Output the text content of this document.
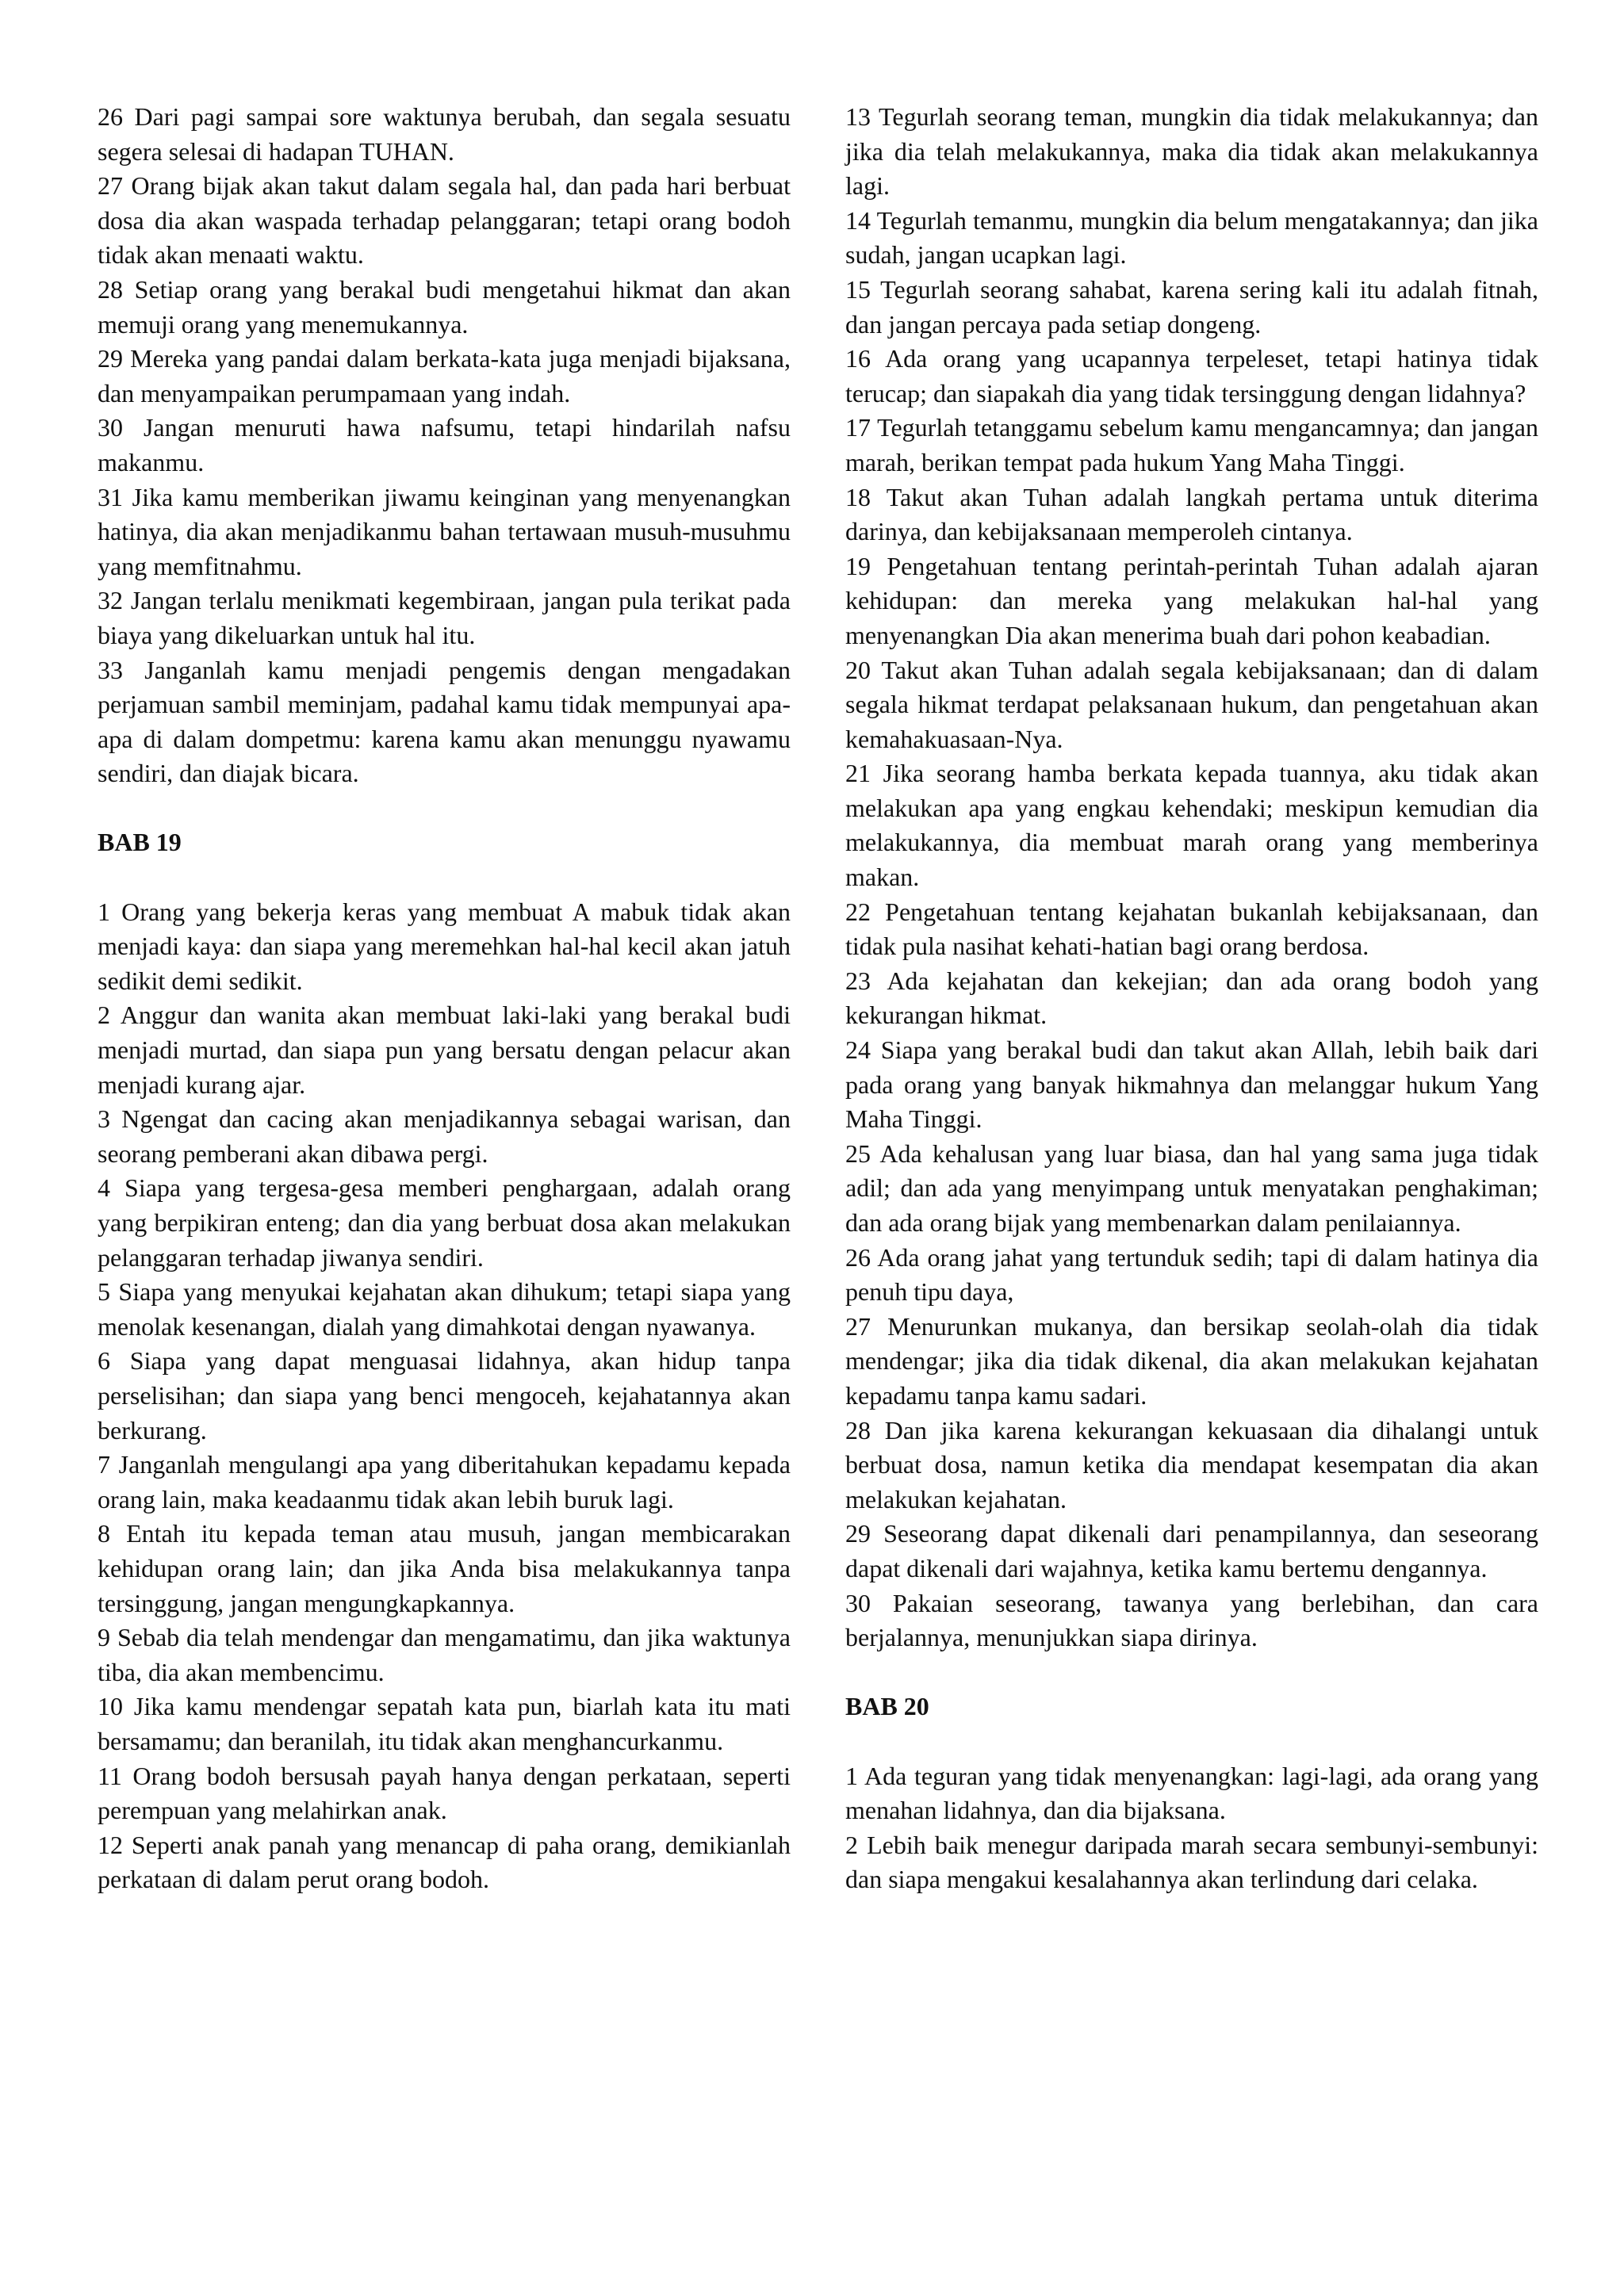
26 Dari pagi sampai sore waktunya berubah, dan segala sesuatu segera selesai di hadapan TUHAN.

27 Orang bijak akan takut dalam segala hal, dan pada hari berbuat dosa dia akan waspada terhadap pelanggaran; tetapi orang bodoh tidak akan menaati waktu.

28 Setiap orang yang berakal budi mengetahui hikmat dan akan memuji orang yang menemukannya.

29 Mereka yang pandai dalam berkata-kata juga menjadi bijaksana, dan menyampaikan perumpamaan yang indah.

30 Jangan menuruti hawa nafsumu, tetapi hindarilah nafsu makanmu.

31 Jika kamu memberikan jiwamu keinginan yang menyenangkan hatinya, dia akan menjadikanmu bahan tertawaan musuh-musuhmu yang memfitnahmu.

32 Jangan terlalu menikmati kegembiraan, jangan pula terikat pada biaya yang dikeluarkan untuk hal itu.

33 Janganlah kamu menjadi pengemis dengan mengadakan perjamuan sambil meminjam, padahal kamu tidak mempunyai apa-apa di dalam dompetmu: karena kamu akan menunggu nyawamu sendiri, dan diajak bicara.

BAB 19

1 Orang yang bekerja keras yang membuat A mabuk tidak akan menjadi kaya: dan siapa yang meremehkan hal-hal kecil akan jatuh sedikit demi sedikit.

2 Anggur dan wanita akan membuat laki-laki yang berakal budi menjadi murtad, dan siapa pun yang bersatu dengan pelacur akan menjadi kurang ajar.

3 Ngengat dan cacing akan menjadikannya sebagai warisan, dan seorang pemberani akan dibawa pergi.

4 Siapa yang tergesa-gesa memberi penghargaan, adalah orang yang berpikiran enteng; dan dia yang berbuat dosa akan melakukan pelanggaran terhadap jiwanya sendiri.

5 Siapa yang menyukai kejahatan akan dihukum; tetapi siapa yang menolak kesenangan, dialah yang dimahkotai dengan nyawanya.

6 Siapa yang dapat menguasai lidahnya, akan hidup tanpa perselisihan; dan siapa yang benci mengoceh, kejahatannya akan berkurang.

7 Janganlah mengulangi apa yang diberitahukan kepadamu kepada orang lain, maka keadaanmu tidak akan lebih buruk lagi.

8 Entah itu kepada teman atau musuh, jangan membicarakan kehidupan orang lain; dan jika Anda bisa melakukannya tanpa tersinggung, jangan mengungkapkannya.

9 Sebab dia telah mendengar dan mengamatimu, dan jika waktunya tiba, dia akan membencimu.

10 Jika kamu mendengar sepatah kata pun, biarlah kata itu mati bersamamu; dan beranilah, itu tidak akan menghancurkanmu.

11 Orang bodoh bersusah payah hanya dengan perkataan, seperti perempuan yang melahirkan anak.

12 Seperti anak panah yang menancap di paha orang, demikianlah perkataan di dalam perut orang bodoh.

13 Tegurlah seorang teman, mungkin dia tidak melakukannya; dan jika dia telah melakukannya, maka dia tidak akan melakukannya lagi.

14 Tegurlah temanmu, mungkin dia belum mengatakannya; dan jika sudah, jangan ucapkan lagi.

15 Tegurlah seorang sahabat, karena sering kali itu adalah fitnah, dan jangan percaya pada setiap dongeng.

16 Ada orang yang ucapannya terpeleset, tetapi hatinya tidak terucap; dan siapakah dia yang tidak tersinggung dengan lidahnya?

17 Tegurlah tetanggamu sebelum kamu mengancamnya; dan jangan marah, berikan tempat pada hukum Yang Maha Tinggi.

18 Takut akan Tuhan adalah langkah pertama untuk diterima darinya, dan kebijaksanaan memperoleh cintanya.

19 Pengetahuan tentang perintah-perintah Tuhan adalah ajaran kehidupan: dan mereka yang melakukan hal-hal yang menyenangkan Dia akan menerima buah dari pohon keabadian.

20 Takut akan Tuhan adalah segala kebijaksanaan; dan di dalam segala hikmat terdapat pelaksanaan hukum, dan pengetahuan akan kemahakuasaan-Nya.

21 Jika seorang hamba berkata kepada tuannya, aku tidak akan melakukan apa yang engkau kehendaki; meskipun kemudian dia melakukannya, dia membuat marah orang yang memberinya makan.

22 Pengetahuan tentang kejahatan bukanlah kebijaksanaan, dan tidak pula nasihat kehati-hatian bagi orang berdosa.

23 Ada kejahatan dan kekejian; dan ada orang bodoh yang kekurangan hikmat.

24 Siapa yang berakal budi dan takut akan Allah, lebih baik dari pada orang yang banyak hikmahnya dan melanggar hukum Yang Maha Tinggi.

25 Ada kehalusan yang luar biasa, dan hal yang sama juga tidak adil; dan ada yang menyimpang untuk menyatakan penghakiman; dan ada orang bijak yang membenarkan dalam penilaiannya.

26 Ada orang jahat yang tertunduk sedih; tapi di dalam hatinya dia penuh tipu daya,

27 Menurunkan mukanya, dan bersikap seolah-olah dia tidak mendengar; jika dia tidak dikenal, dia akan melakukan kejahatan kepadamu tanpa kamu sadari.

28 Dan jika karena kekurangan kekuasaan dia dihalangi untuk berbuat dosa, namun ketika dia mendapat kesempatan dia akan melakukan kejahatan.

29 Seseorang dapat dikenali dari penampilannya, dan seseorang dapat dikenali dari wajahnya, ketika kamu bertemu dengannya.

30 Pakaian seseorang, tawanya yang berlebihan, dan cara berjalannya, menunjukkan siapa dirinya.

BAB 20

1 Ada teguran yang tidak menyenangkan: lagi-lagi, ada orang yang menahan lidahnya, dan dia bijaksana.

2 Lebih baik menegur daripada marah secara sembunyi-sembunyi: dan siapa mengakui kesalahannya akan terlindung dari celaka.
